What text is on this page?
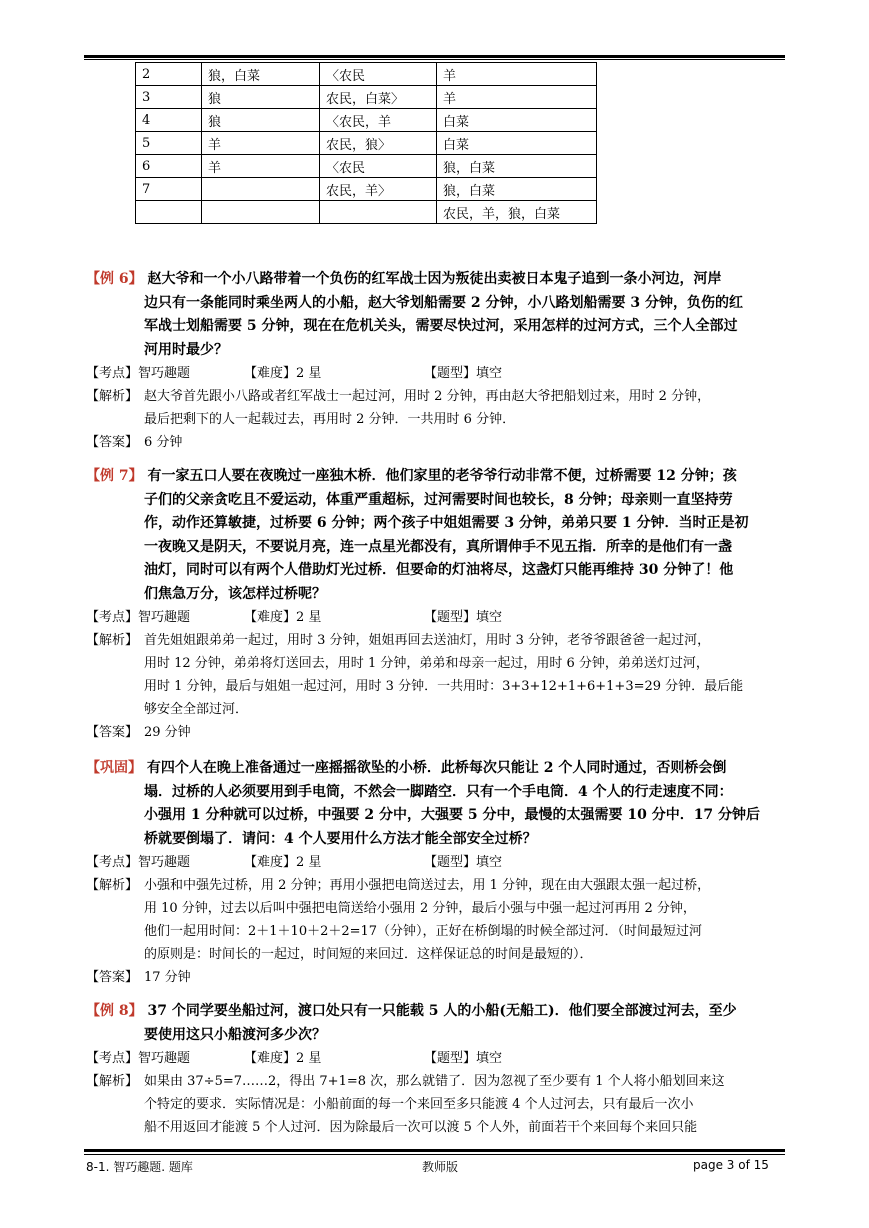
2	狼，白菜	〈农民	羊
3	狼	农民，白菜〉	羊
4	狼	〈农民，羊	白菜
5	羊	农民，狼〉	白菜
6	羊	〈农民	狼，白菜
7		农民，羊〉	狼，白菜
			农民，羊，狼，白菜
【例 6】 赵大爷和一个小八路带着一个负伤的红军战士因为叛徒出卖被日本鬼子追到一条小河边，河岸
边只有一条能同时乘坐两人的小船，赵大爷划船需要 2 分钟，小八路划船需要 3 分钟，负伤的红
军战士划船需要 5 分钟，现在在危机关头，需要尽快过河，采用怎样的过河方式，三个人全部过
河用时最少？
【考点】智巧趣题	【难度】2 星	【题型】填空
【解析】 赵大爷首先跟小八路或者红军战士一起过河，用时 2 分钟，再由赵大爷把船划过来，用时 2 分钟，
最后把剩下的人一起载过去，再用时 2 分钟．一共用时 6 分钟．
【答案】 6 分钟
【例 7】 有一家五口人要在夜晚过一座独木桥．他们家里的老爷爷行动非常不便，过桥需要 12 分钟；孩
子们的父亲贪吃且不爱运动，体重严重超标，过河需要时间也较长，8 分钟；母亲则一直坚持劳
作，动作还算敏捷，过桥要 6 分钟；两个孩子中姐姐需要 3 分钟，弟弟只要 1 分钟．当时正是初
一夜晚又是阴天，不要说月亮，连一点星光都没有，真所谓伸手不见五指．所幸的是他们有一盏
油灯，同时可以有两个人借助灯光过桥．但要命的灯油将尽，这盏灯只能再维持 30 分钟了！他
们焦急万分，该怎样过桥呢？
【考点】智巧趣题	【难度】2 星	【题型】填空
【解析】 首先姐姐跟弟弟一起过，用时 3 分钟，姐姐再回去送油灯，用时 3 分钟，老爷爷跟爸爸一起过河，
用时 12 分钟，弟弟将灯送回去，用时 1 分钟，弟弟和母亲一起过，用时 6 分钟，弟弟送灯过河，
用时 1 分钟，最后与姐姐一起过河，用时 3 分钟．一共用时：3+3+12+1+6+1+3=29 分钟．最后能
够安全全部过河．
【答案】 29 分钟
【巩固】 有四个人在晚上准备通过一座摇摇欲坠的小桥．此桥每次只能让 2 个人同时通过，否则桥会倒
塌．过桥的人必须要用到手电筒，不然会一脚踏空．只有一个手电筒．4 个人的行走速度不同：
小强用 1 分种就可以过桥，中强要 2 分中，大强要 5 分中，最慢的太强需要 10 分中．17 分钟后
桥就要倒塌了．请问：4 个人要用什么方法才能全部安全过桥？
【考点】智巧趣题	【难度】2 星	【题型】填空
【解析】 小强和中强先过桥，用 2 分钟；再用小强把电筒送过去，用 1 分钟，现在由大强跟太强一起过桥，
用 10 分钟，过去以后叫中强把电筒送给小强用 2 分钟，最后小强与中强一起过河再用 2 分钟，
他们一起用时间：2＋1＋10＋2＋2=17（分钟），正好在桥倒塌的时候全部过河．（时间最短过河
的原则是：时间长的一起过，时间短的来回过．这样保证总的时间是最短的）．
【答案】 17 分钟
【例 8】 37 个同学要坐船过河，渡口处只有一只能载 5 人的小船(无船工)．他们要全部渡过河去，至少
要使用这只小船渡河多少次？
【考点】智巧趣题	【难度】2 星	【题型】填空
【解析】 如果由 37÷5=7……2，得出 7+1=8 次，那么就错了．因为忽视了至少要有 1 个人将小船划回来这
个特定的要求．实际情况是：小船前面的每一个来回至多只能渡 4 个人过河去，只有最后一次小
船不用返回才能渡 5 个人过河．因为除最后一次可以渡 5 个人外，前面若干个来回每个来回只能
8-1. 智巧趣题. 题库	教师版	page 3 of 15
